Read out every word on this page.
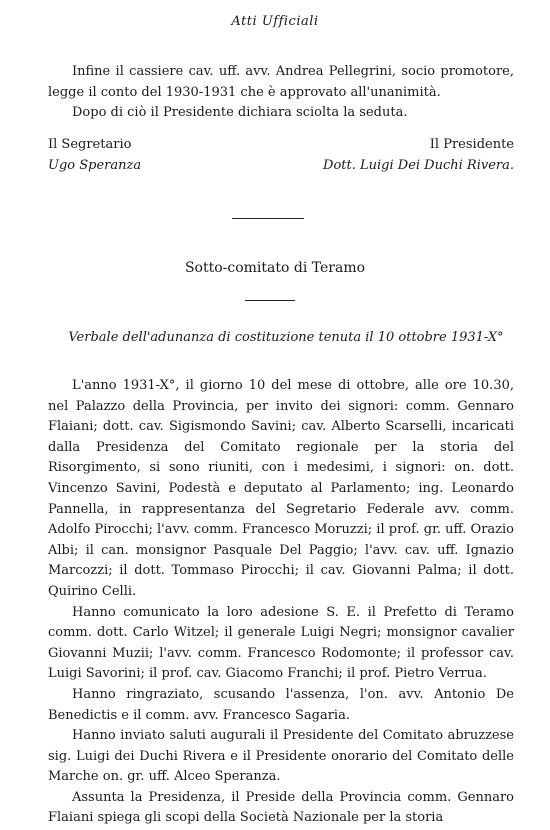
Atti Ufficiali

Infine il cassiere cav. uff. avv. Andrea Pellegrini, socio promotore, legge il conto del 1930-1931 che è approvato all'unanimità.

Dopo di ciò il Presidente dichiara sciolta la seduta.

Il Segretario
Ugo Speranza
Il Presidente
Dott. Luigi Dei Duchi Rivera.
Sotto-comitato di Teramo
Verbale dell'adunanza di costituzione tenuta il 10 ottobre 1931-X°

L'anno 1931-X°, il giorno 10 del mese di ottobre, alle ore 10.30, nel Palazzo della Provincia, per invito dei signori: comm. Gennaro Flaiani; dott. cav. Sigismondo Savini; cav. Alberto Scarselli, incaricati dalla Presidenza del Comitato regionale per la storia del Risorgimento, si sono riuniti, con i medesimi, i signori: on. dott. Vincenzo Savini, Podestà e deputato al Parlamento; ing. Leonardo Pannella, in rappresentanza del Segretario Federale avv. comm. Adolfo Pirocchi; l'avv. comm. Francesco Moruzzi; il prof. gr. uff. Orazio Albi; il can. monsignor Pasquale Del Paggio; l'avv. cav. uff. Ignazio Marcozzi; il dott. Tommaso Pirocchi; il cav. Giovanni Palma; il dott. Quirino Celli.

Hanno comunicato la loro adesione S. E. il Prefetto di Teramo comm. dott. Carlo Witzel; il generale Luigi Negri; monsignor cavalier Giovanni Muzii; l'avv. comm. Francesco Rodomonte; il professor cav. Luigi Savorini; il prof. cav. Giacomo Franchi; il prof. Pietro Verrua.

Hanno ringraziato, scusando l'assenza, l'on. avv. Antonio De Benedictis e il comm. avv. Francesco Sagaria.

Hanno inviato saluti augurali il Presidente del Comitato abruzzese sig. Luigi dei Duchi Rivera e il Presidente onorario del Comitato delle Marche on. gr. uff. Alceo Speranza.

Assunta la Presidenza, il Preside della Provincia comm. Gennaro Flaiani spiega gli scopi della Società Nazionale per la storia
